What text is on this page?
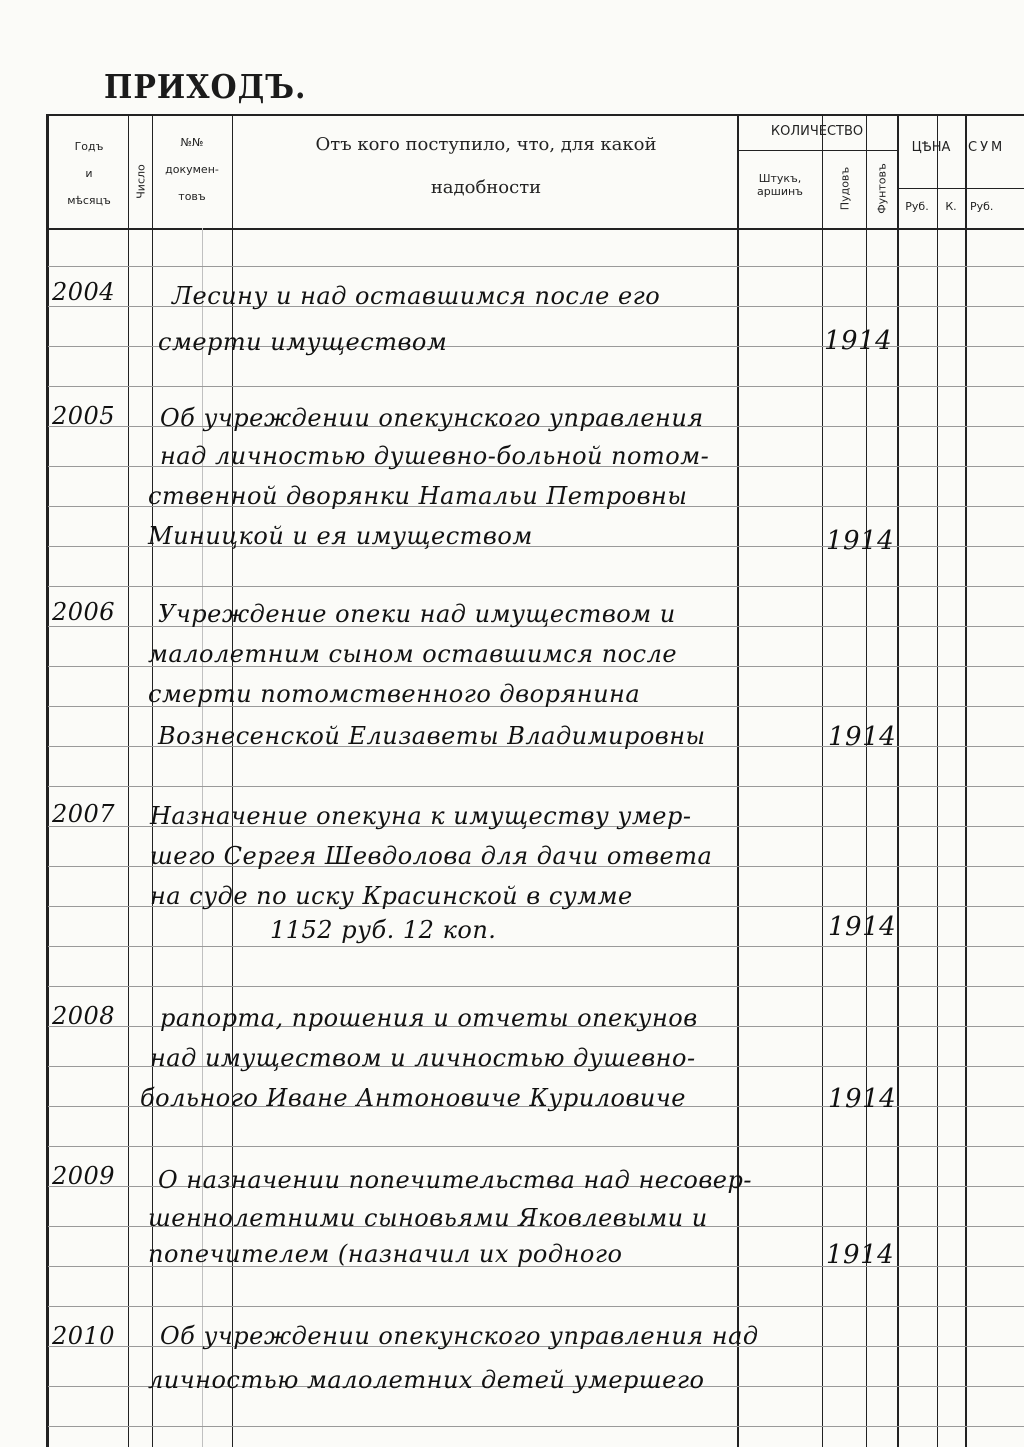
ПРИХОДЪ.
Годъ
и
мѣсяцъ
Число
№№
докумен-
товъ
Отъ кого поступило, что, для какой
надобности
КОЛИЧЕСТВО
Штукъ,
аршинъ	Пудовъ Фунтовъ
ЦѢНА
Руб.	К.
СУМ
Руб.
2004 Лесину и над оставшимся после его
смерти имуществом	1914
2005 Об учреждении опекунского управления
над личностью душевно-больной потом-
ственной дворянки Натальи Петровны
Миницкой и ея имуществом	1914
2006 Учреждение опеки над имуществом и
малолетним сыном оставшимся после
смерти потомственного дворянина
Вознесенской Елизаветы Владимировны	1914
2007 Назначение опекуна к имуществу умер-
шего Сергея Шевдолова для дачи ответа
на суде по иску Красинской в сумме
1152 руб. 12 коп.	1914
2008 рапорта, прошения и отчеты опекунов
над имуществом и личностью душевно-
больного Иване Антоновиче Куриловиче	1914
2009 О назначении попечительства над несовер-
шеннолетними сыновьями Яковлевыми и
попечителем (назначил их родного	1914
2010 Об учреждении опекунского управления над
личностью малолетних детей умершего
